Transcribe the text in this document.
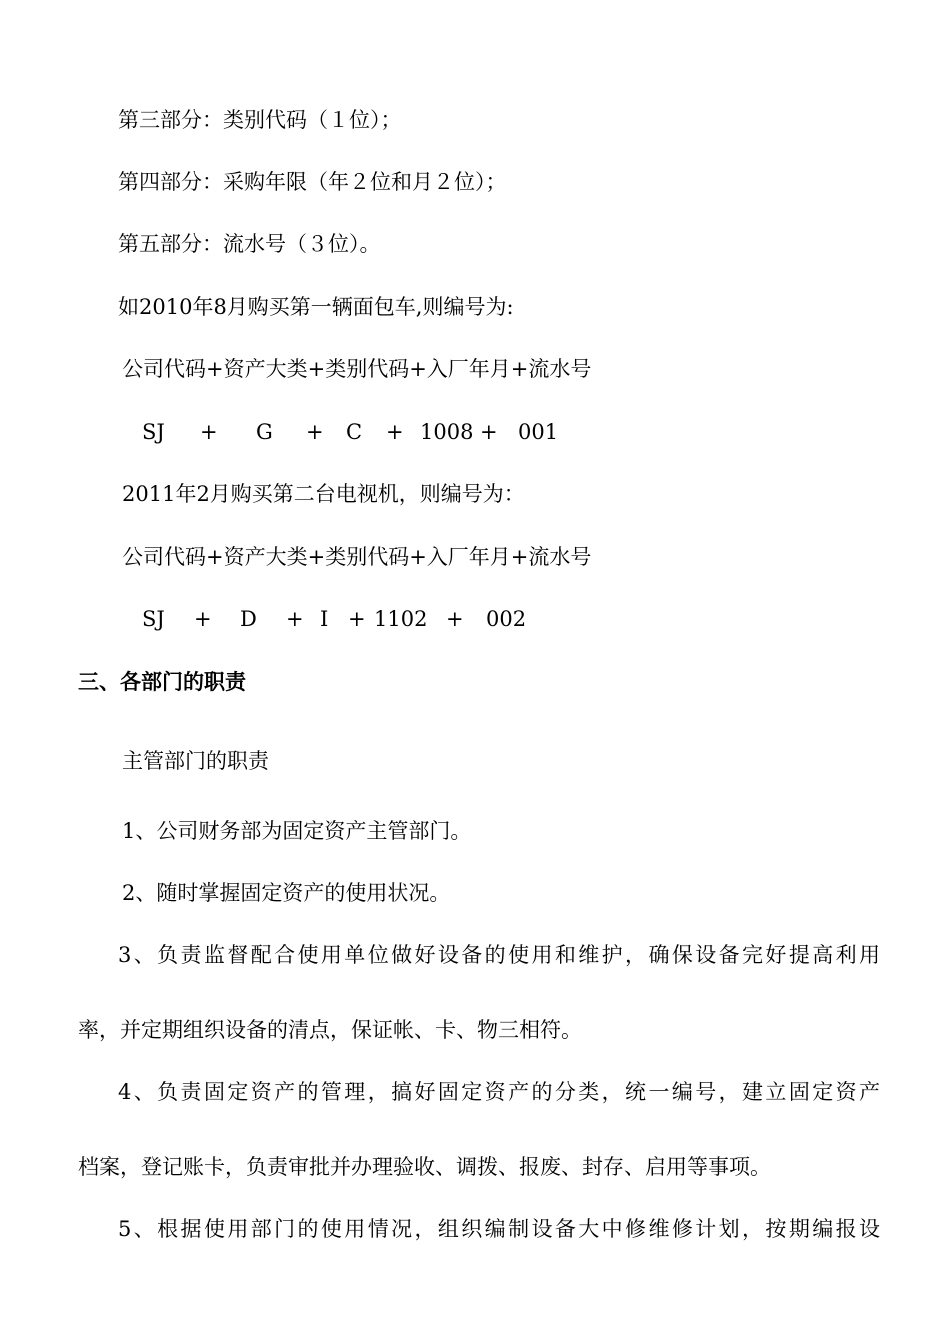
第三部分：类别代码（１位）；
第四部分：采购年限（年２位和月２位）；
第五部分：流水号（３位）。
如2010年8月购买第一辆面包车,则编号为:
公司代码+资产大类+类别代码+入厂年月+流水号
SJ + G + C + 1008 + 001
2011年2月购买第二台电视机，则编号为：
公司代码+资产大类+类别代码+入厂年月+流水号
SJ + D + I + 1102 + 002
三、各部门的职责
主管部门的职责
1、公司财务部为固定资产主管部门。
2、随时掌握固定资产的使用状况。
3、负责监督配合使用单位做好设备的使用和维护，确保设备完好提高利用
率，并定期组织设备的清点，保证帐、卡、物三相符。
4、负责固定资产的管理，搞好固定资产的分类，统一编号，建立固定资产
档案，登记账卡，负责审批并办理验收、调拨、报废、封存、启用等事项。
5、根据使用部门的使用情况，组织编制设备大中修维修计划，按期编报设
